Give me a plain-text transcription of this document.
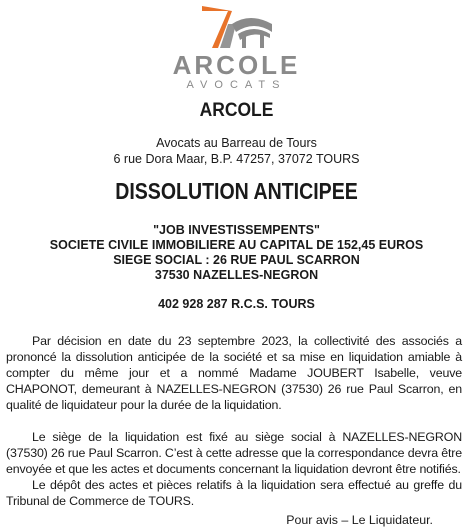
ARCOLE
AVOCATS
ARCOLE
Avocats au Barreau de Tours
6 rue Dora Maar, B.P. 47257, 37072 TOURS
DISSOLUTION ANTICIPEE
"JOB INVESTISSEMPENTS"
SOCIETE CIVILE IMMOBILIERE AU CAPITAL DE 152,45 EUROS
SIEGE SOCIAL : 26 RUE PAUL SCARRON
37530 NAZELLES-NEGRON
402 928 287 R.C.S. TOURS

Par décision en date du 23 septembre 2023, la collectivité des associés a prononcé la dissolution anticipée de la société et sa mise en liquidation amiable à compter du même jour et a nommé Madame JOUBERT Isabelle, veuve CHAPONOT, demeurant à NAZELLES-NEGRON (37530) 26 rue Paul Scarron, en qualité de liquidateur pour la durée de la liquidation.

Le siège de la liquidation est fixé au siège social à NAZELLES-NEGRON (37530) 26 rue Paul Scarron. C’est à cette adresse que la correspondance devra être envoyée et que les actes et documents concernant la liquidation devront être notifiés.

Le dépôt des actes et pièces relatifs à la liquidation sera effectué au greffe du Tribunal de Commerce de TOURS.

Pour avis – Le Liquidateur.
